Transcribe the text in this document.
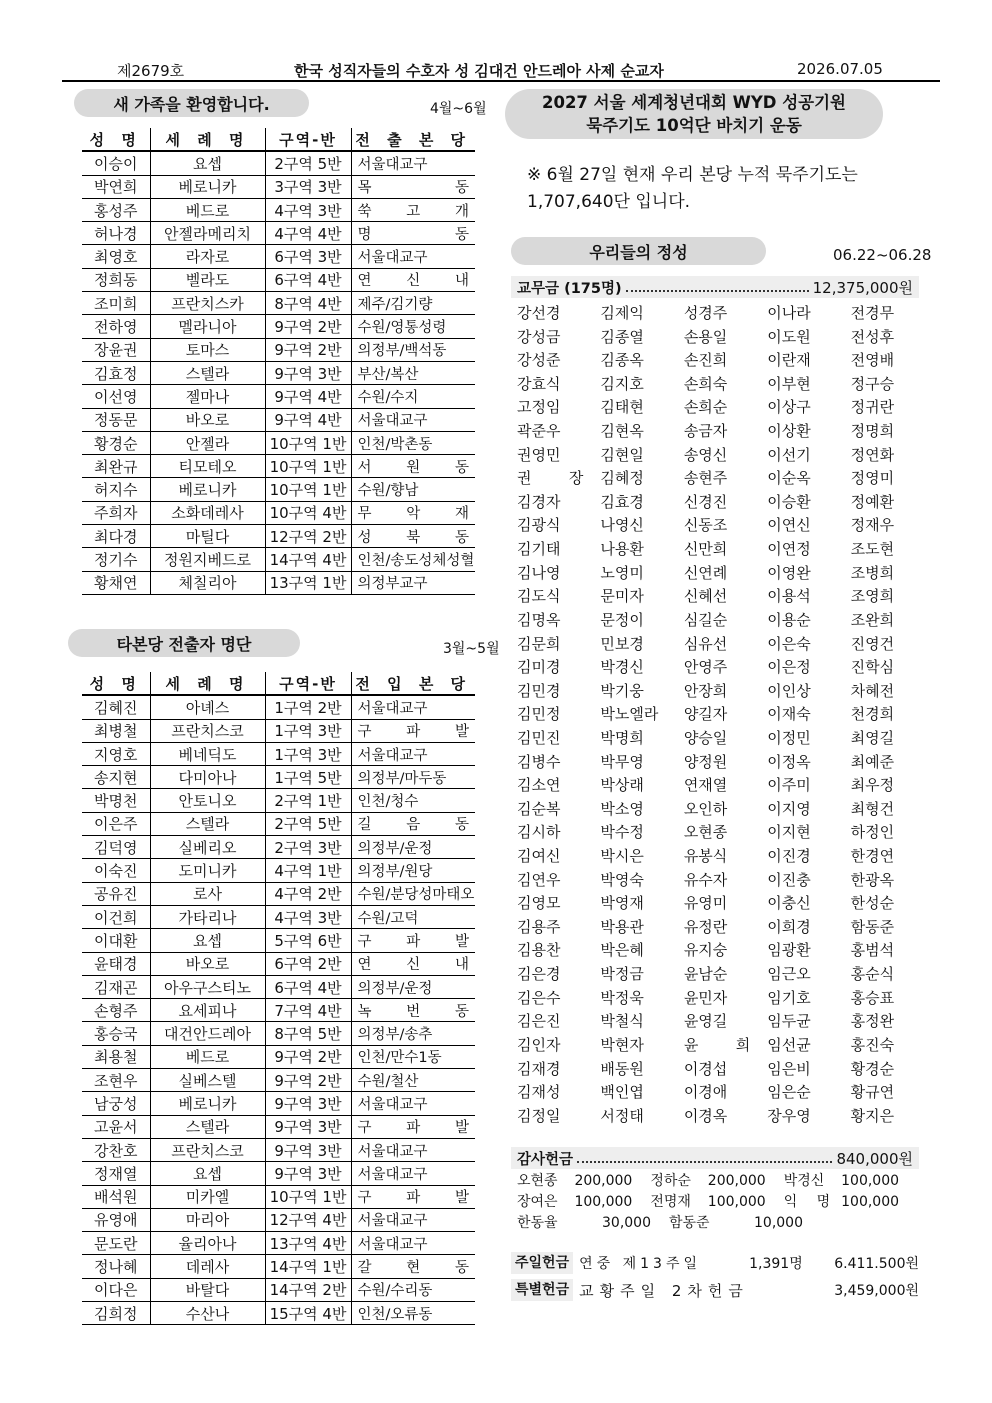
제2679호	한국 성직자들의 수호자 성 김대건 안드레아 사제 순교자	2026.07.05
새 가족을 환영합니다.	4월~6월
성 명	세 례 명	구역-반	전 출 본 당
이승이	요셉	2구역 5반	서울대교구
박연희	베로니카	3구역 3반	목 동
홍성주	베드로	4구역 3반	쑥 고 개
허나경	안젤라메리치	4구역 4반	명 동
최영호	라자로	6구역 3반	서울대교구
정희동	벨라도	6구역 4반	연 신 내
조미희	프란치스카	8구역 4반	제주/김기량
전하영	멜라니아	9구역 2반	수원/영통성령
장윤권	토마스	9구역 2반	의정부/백석동
김효정	스텔라	9구역 3반	부산/복산
이선영	젤마나	9구역 4반	수원/수지
정동문	바오로	9구역 4반	서울대교구
황경순	안젤라	10구역 1반	인천/박촌동
최완규	티모테오	10구역 1반	서 원 동
허지수	베로니카	10구역 1반	수원/향남
주희자	소화데레사	10구역 4반	무 악 재
최다경	마틸다	12구역 2반	성 북 동
정기수	정원지베드로	14구역 4반	인천/송도성체성혈
황채연	체칠리아	13구역 1반	의정부교구
타본당 전출자 명단	3월~5월
성 명	세 례 명	구역-반	전 입 본 당
김혜진	아녜스	1구역 2반	서울대교구
최병철	프란치스코	1구역 3반	구 파 발
지영호	베네딕도	1구역 3반	서울대교구
송지현	다미아나	1구역 5반	의정부/마두동
박명천	안토니오	2구역 1반	인천/청수
이은주	스텔라	2구역 5반	길 음 동
김덕영	실베리오	2구역 3반	의정부/운정
이숙진	도미니카	4구역 1반	의정부/원당
공유진	로사	4구역 2반	수원/분당성마태오
이건희	가타리나	4구역 3반	수원/고덕
이대환	요셉	5구역 6반	구 파 발
윤태경	바오로	6구역 2반	연 신 내
김재곤	아우구스티노	6구역 4반	의정부/운정
손형주	요세피나	7구역 4반	녹 번 동
홍승국	대건안드레아	8구역 5반	의정부/송추
최용철	베드로	9구역 2반	인천/만수1동
조현우	실베스텔	9구역 2반	수원/철산
남궁성	베로니카	9구역 3반	서울대교구
고윤서	스텔라	9구역 3반	구 파 발
강찬호	프란치스코	9구역 3반	서울대교구
정재열	요셉	9구역 3반	서울대교구
배석원	미카엘	10구역 1반	구 파 발
유영애	마리아	12구역 4반	서울대교구
문도란	율리아나	13구역 4반	서울대교구
정나혜	데레사	14구역 1반	갈 현 동
이다은	바탈다	14구역 2반	수원/수리동
김희정	수산나	15구역 4반	인천/오류동
2027 서울 세계청년대회 WYD 성공기원
묵주기도 10억단 바치기 운동
※ 6월 27일 현재 우리 본당 누적 묵주기도는 1,707,640단 입니다.
우리들의 정성	06.22~06.28
교무금 (175명)	12,375,000원
강선경	김제익	성경주	이나라	전경무
강성금	김종열	손용일	이도원	전성후
강성준	김종옥	손진희	이란재	전영배
강효식	김지호	손희숙	이부현	정구승
고정임	김태현	손희순	이상구	정귀란
곽준우	김현옥	송금자	이상환	정명희
권영민	김현일	송영신	이선기	정연화
권 장 김혜정	송현주	이순옥	정영미
김경자	김효경	신경진	이승환	정예환
김광식	나영신	신동조	이연신	정재우
김기태	나용환	신만희	이연정	조도현
김나영	노영미	신연례	이영완	조병희
김도식	문미자	신혜선	이용석	조영희
김명옥	문정이	심길순	이용순	조완희
김문희	민보경	심유선	이은숙	진영건
김미경	박경신	안영주	이은정	진학심
김민경	박기웅	안장희	이인상	차혜전
김민정	박노엘라	양길자	이재숙	천경희
김민진	박명희	양승일	이정민	최영길
김병수	박무영	양정원	이정옥	최예준
김소연	박상래	연재열	이주미	최우정
김순복	박소영	오인하	이지영	최형건
김시하	박수정	오현종	이지현	하정인
김여신	박시은	유봉식	이진경	한경연
김연우	박영숙	유수자	이진충	한광옥
김영모	박영재	유영미	이충신	한성순
김용주	박용관	유정란	이희경	함동준
김용찬	박은혜	유지숭	임광환	홍범석
김은경	박정금	윤남순	임근오	홍순식
김은수	박정욱	윤민자	임기호	홍승표
김은진	박철식	윤영길	임두균	홍정완
김인자	박현자	윤 희 임선균	홍진숙
김재경	배동원	이경섭	임은비	황경순
김재성	백인엽	이경애	임은순	황규연
김정일	서정태	이경옥	장우영	황지은
감사헌금	840,000원
오현종	200,000	정하순	200,000	박경신	100,000
장여은	100,000	전명재	100,000	익 명 100,000
한동율	30,000	함동준	10,000
주일헌금 연중 제13주일	1,391명	6.411.500원
특별헌금 교황주일 2차헌금	3,459,000원
